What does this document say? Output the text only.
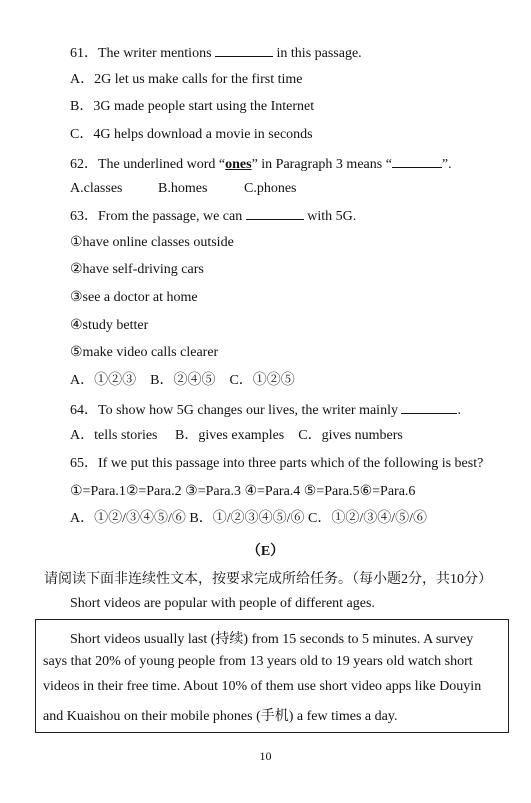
61．The writer mentions	in this passage.
A．2G let us make calls for the first time
B．3G made people start using the Internet
C．4G helps download a movie in seconds
62．The underlined word “ones” in Paragraph 3 means “	”.
A.classes	B.homes	C.phones
63．From the passage, we can	with 5G.
①have online classes outside
②have self-driving cars
③see a doctor at home
④study better
⑤make video calls clearer
A．①②③　B．②④⑤　C．①②⑤
64．To show how 5G changes our lives, the writer mainly	.
A．tells stories　 B．gives examples　C．gives numbers
65．If we put this passage into three parts which of the following is best?
①=Para.1②=Para.2 ③=Para.3 ④=Para.4 ⑤=Para.5⑥=Para.6
A．①②/③④⑤/⑥ B．①/②③④⑤/⑥ C．①②/③④/⑤/⑥
（E）
请阅读下面非连续性文本，按要求完成所给任务。（每小题2分，共10分）
Short videos are popular with people of different ages.

Short videos usually last (持续) from 15 seconds to 5 minutes. A survey

says that 20% of young people from 13 years old to 19 years old watch short

videos in their free time. About 10% of them use short video apps like Douyin

and Kuaishou on their mobile phones (手机) a few times a day.

10
